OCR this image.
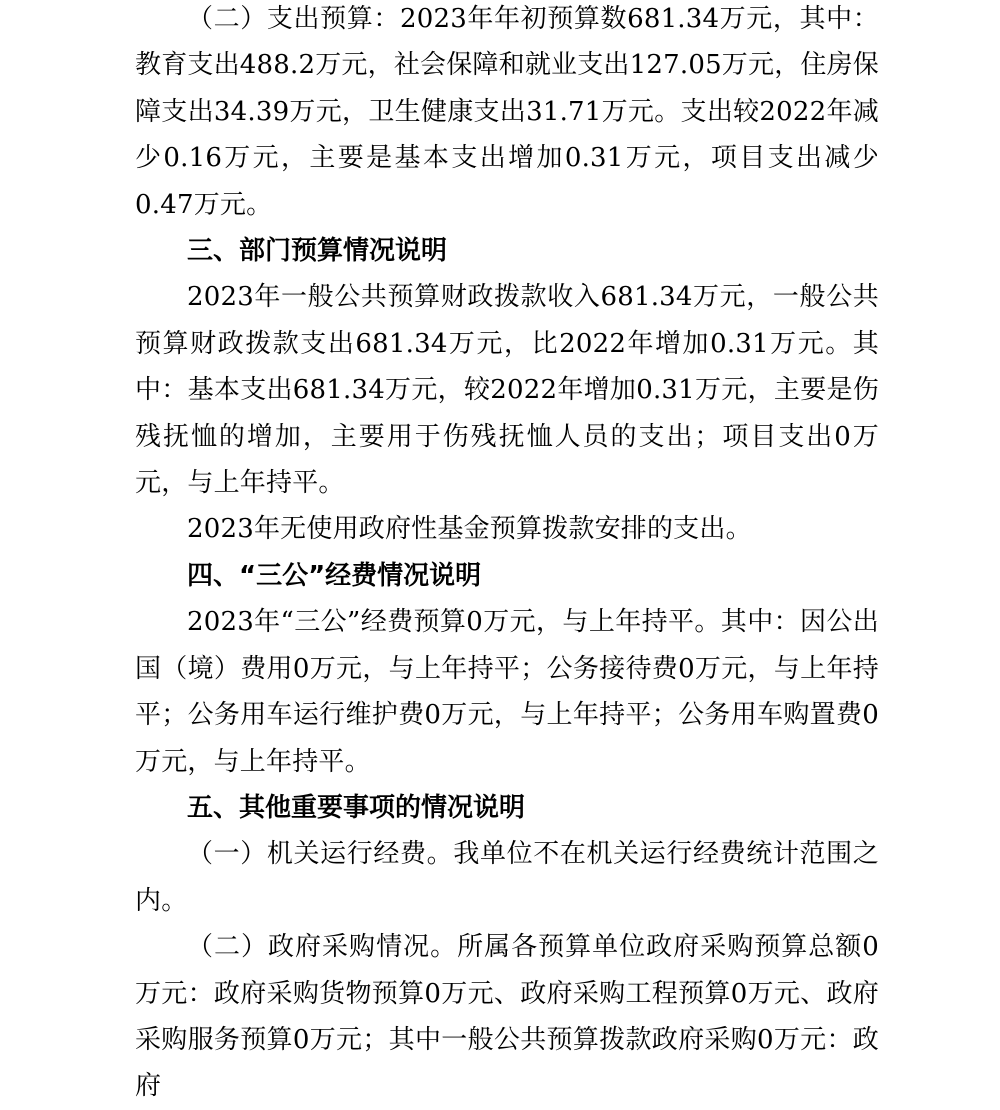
（二）支出预算：2023年年初预算数681.34万元，其中：教育支出488.2万元，社会保障和就业支出127.05万元，住房保障支出34.39万元，卫生健康支出31.71万元。支出较2022年减少0.16万元，主要是基本支出增加0.31万元，项目支出减少0.47万元。

三、部门预算情况说明

2023年一般公共预算财政拨款收入681.34万元，一般公共预算财政拨款支出681.34万元，比2022年增加0.31万元。其中：基本支出681.34万元，较2022年增加0.31万元，主要是伤残抚恤的增加，主要用于伤残抚恤人员的支出；项目支出0万元，与上年持平。

2023年无使用政府性基金预算拨款安排的支出。

四、“三公”经费情况说明

2023年“三公”经费预算0万元，与上年持平。其中：因公出国（境）费用0万元，与上年持平；公务接待费0万元，与上年持平；公务用车运行维护费0万元，与上年持平；公务用车购置费0万元，与上年持平。

五、其他重要事项的情况说明

（一）机关运行经费。我单位不在机关运行经费统计范围之内。

（二）政府采购情况。所属各预算单位政府采购预算总额0万元：政府采购货物预算0万元、政府采购工程预算0万元、政府采购服务预算0万元；其中一般公共预算拨款政府采购0万元：政府
